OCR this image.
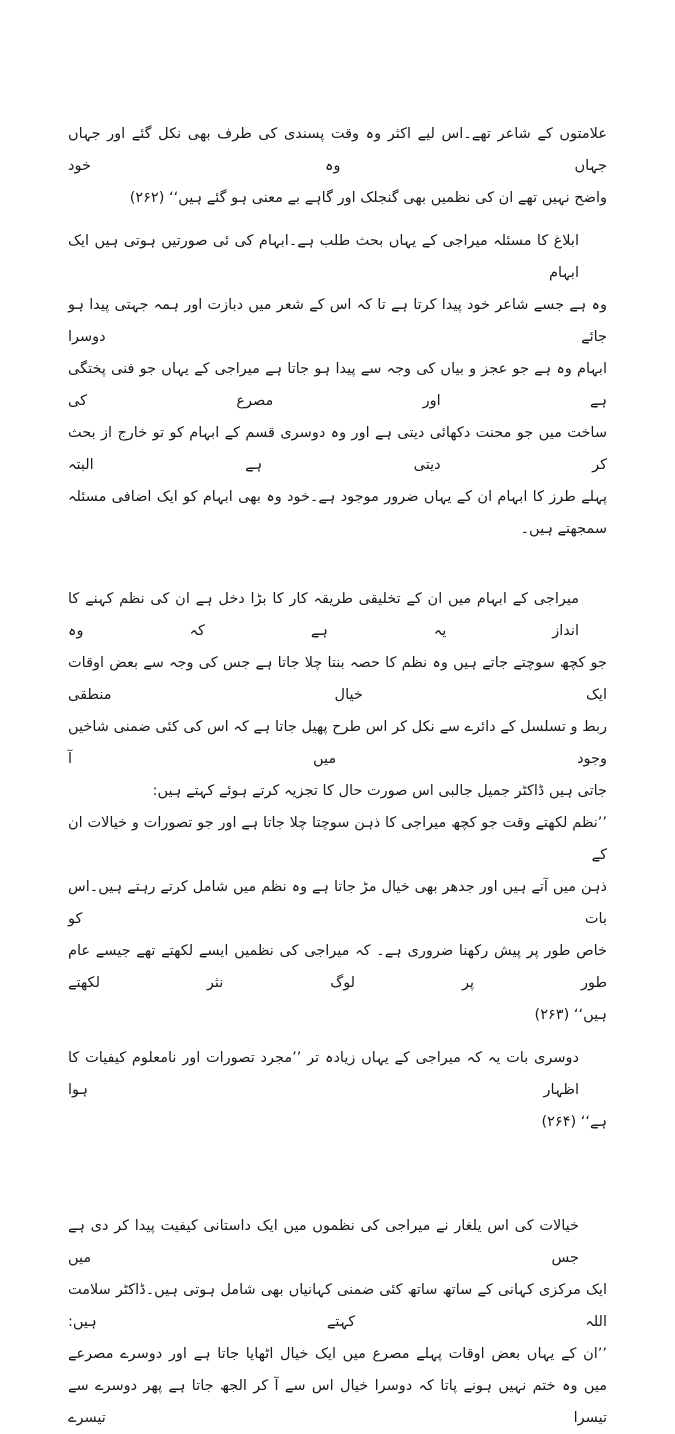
علامتوں کے شاعر تھے۔اس لیے اکثر وہ وقت پسندی کی طرف بھی نکل گئے اور جہاں جہاں وہ خود
واضح نہیں تھے ان کی نظمیں بھی گنجلک اور گاہے بے معنی ہو گئے ہیں‘‘ (۲۶۲)
ابلاغ کا مسئلہ میراجی کے یہاں بحث طلب ہے۔ابہام کی ئی صورتیں ہوتی ہیں ایک ابہام
وہ ہے جسے شاعر خود پیدا کرتا ہے تا کہ اس کے شعر میں دبازت اور ہمہ جہتی پیدا ہو جائے دوسرا
ابہام وہ ہے جو عجز و بیاں کی وجہ سے پیدا ہو جاتا ہے میراجی کے یہاں جو فنی پختگی ہے اور مصرع کی
ساخت میں جو محنت دکھائی دیتی ہے اور وہ دوسری قسم کے ابہام کو تو خارج از بحث کر دیتی ہے البتہ
پہلے طرز کا ابہام ان کے یہاں ضرور موجود ہے۔خود وہ بھی ابہام کو ایک اضافی مسئلہ سمجھتے ہیں۔
میراجی کے ابہام میں ان کے تخلیقی طریقہ کار کا بڑا دخل ہے ان کی نظم کہنے کا انداز یہ ہے کہ وہ
جو کچھ سوچتے جاتے ہیں وہ نظم کا حصہ بنتا چلا جاتا ہے جس کی وجہ سے بعض اوقات ایک خیال منطقی
ربط و تسلسل کے دائرے سے نکل کر اس طرح پھیل جاتا ہے کہ اس کی کئی ضمنی شاخیں وجود میں آ
جاتی ہیں ڈاکٹر جمیل جالبی اس صورت حال کا تجزیہ کرتے ہوئے کہتے ہیں:
’’نظم لکھتے وقت جو کچھ میراجی کا ذہن سوچتا چلا جاتا ہے اور جو تصورات و خیالات ان کے
ذہن میں آتے ہیں اور جدھر بھی خیال مڑ جاتا ہے وہ نظم میں شامل کرتے رہتے ہیں۔اس بات کو
خاص طور پر پیش رکھنا ضروری ہے۔ کہ میراجی کی نظمیں ایسے لکھتے تھے جیسے عام طور پر لوگ نثر لکھتے
ہیں‘‘ (۲۶۳)
دوسری بات یہ کہ میراجی کے یہاں زیادہ تر ’’مجرد تصورات اور نامعلوم کیفیات کا اظہار ہوا
ہے‘‘ (۲۶۴)
خیالات کی اس یلغار نے میراجی کی نظموں میں ایک داستانی کیفیت پیدا کر دی ہے جس میں
ایک مرکزی کہانی کے ساتھ ساتھ کئی ضمنی کہانیاں بھی شامل ہوتی ہیں۔ڈاکٹر سلامت اللہ کہتے ہیں:
’’ان کے یہاں بعض اوقات پہلے مصرع میں ایک خیال اٹھایا جاتا ہے اور دوسرے مصرعے
میں وہ ختم نہیں ہونے پاتا کہ دوسرا خیال اس سے آ کر الجھ جاتا ہے پھر دوسرے سے تیسرا تیسرے
